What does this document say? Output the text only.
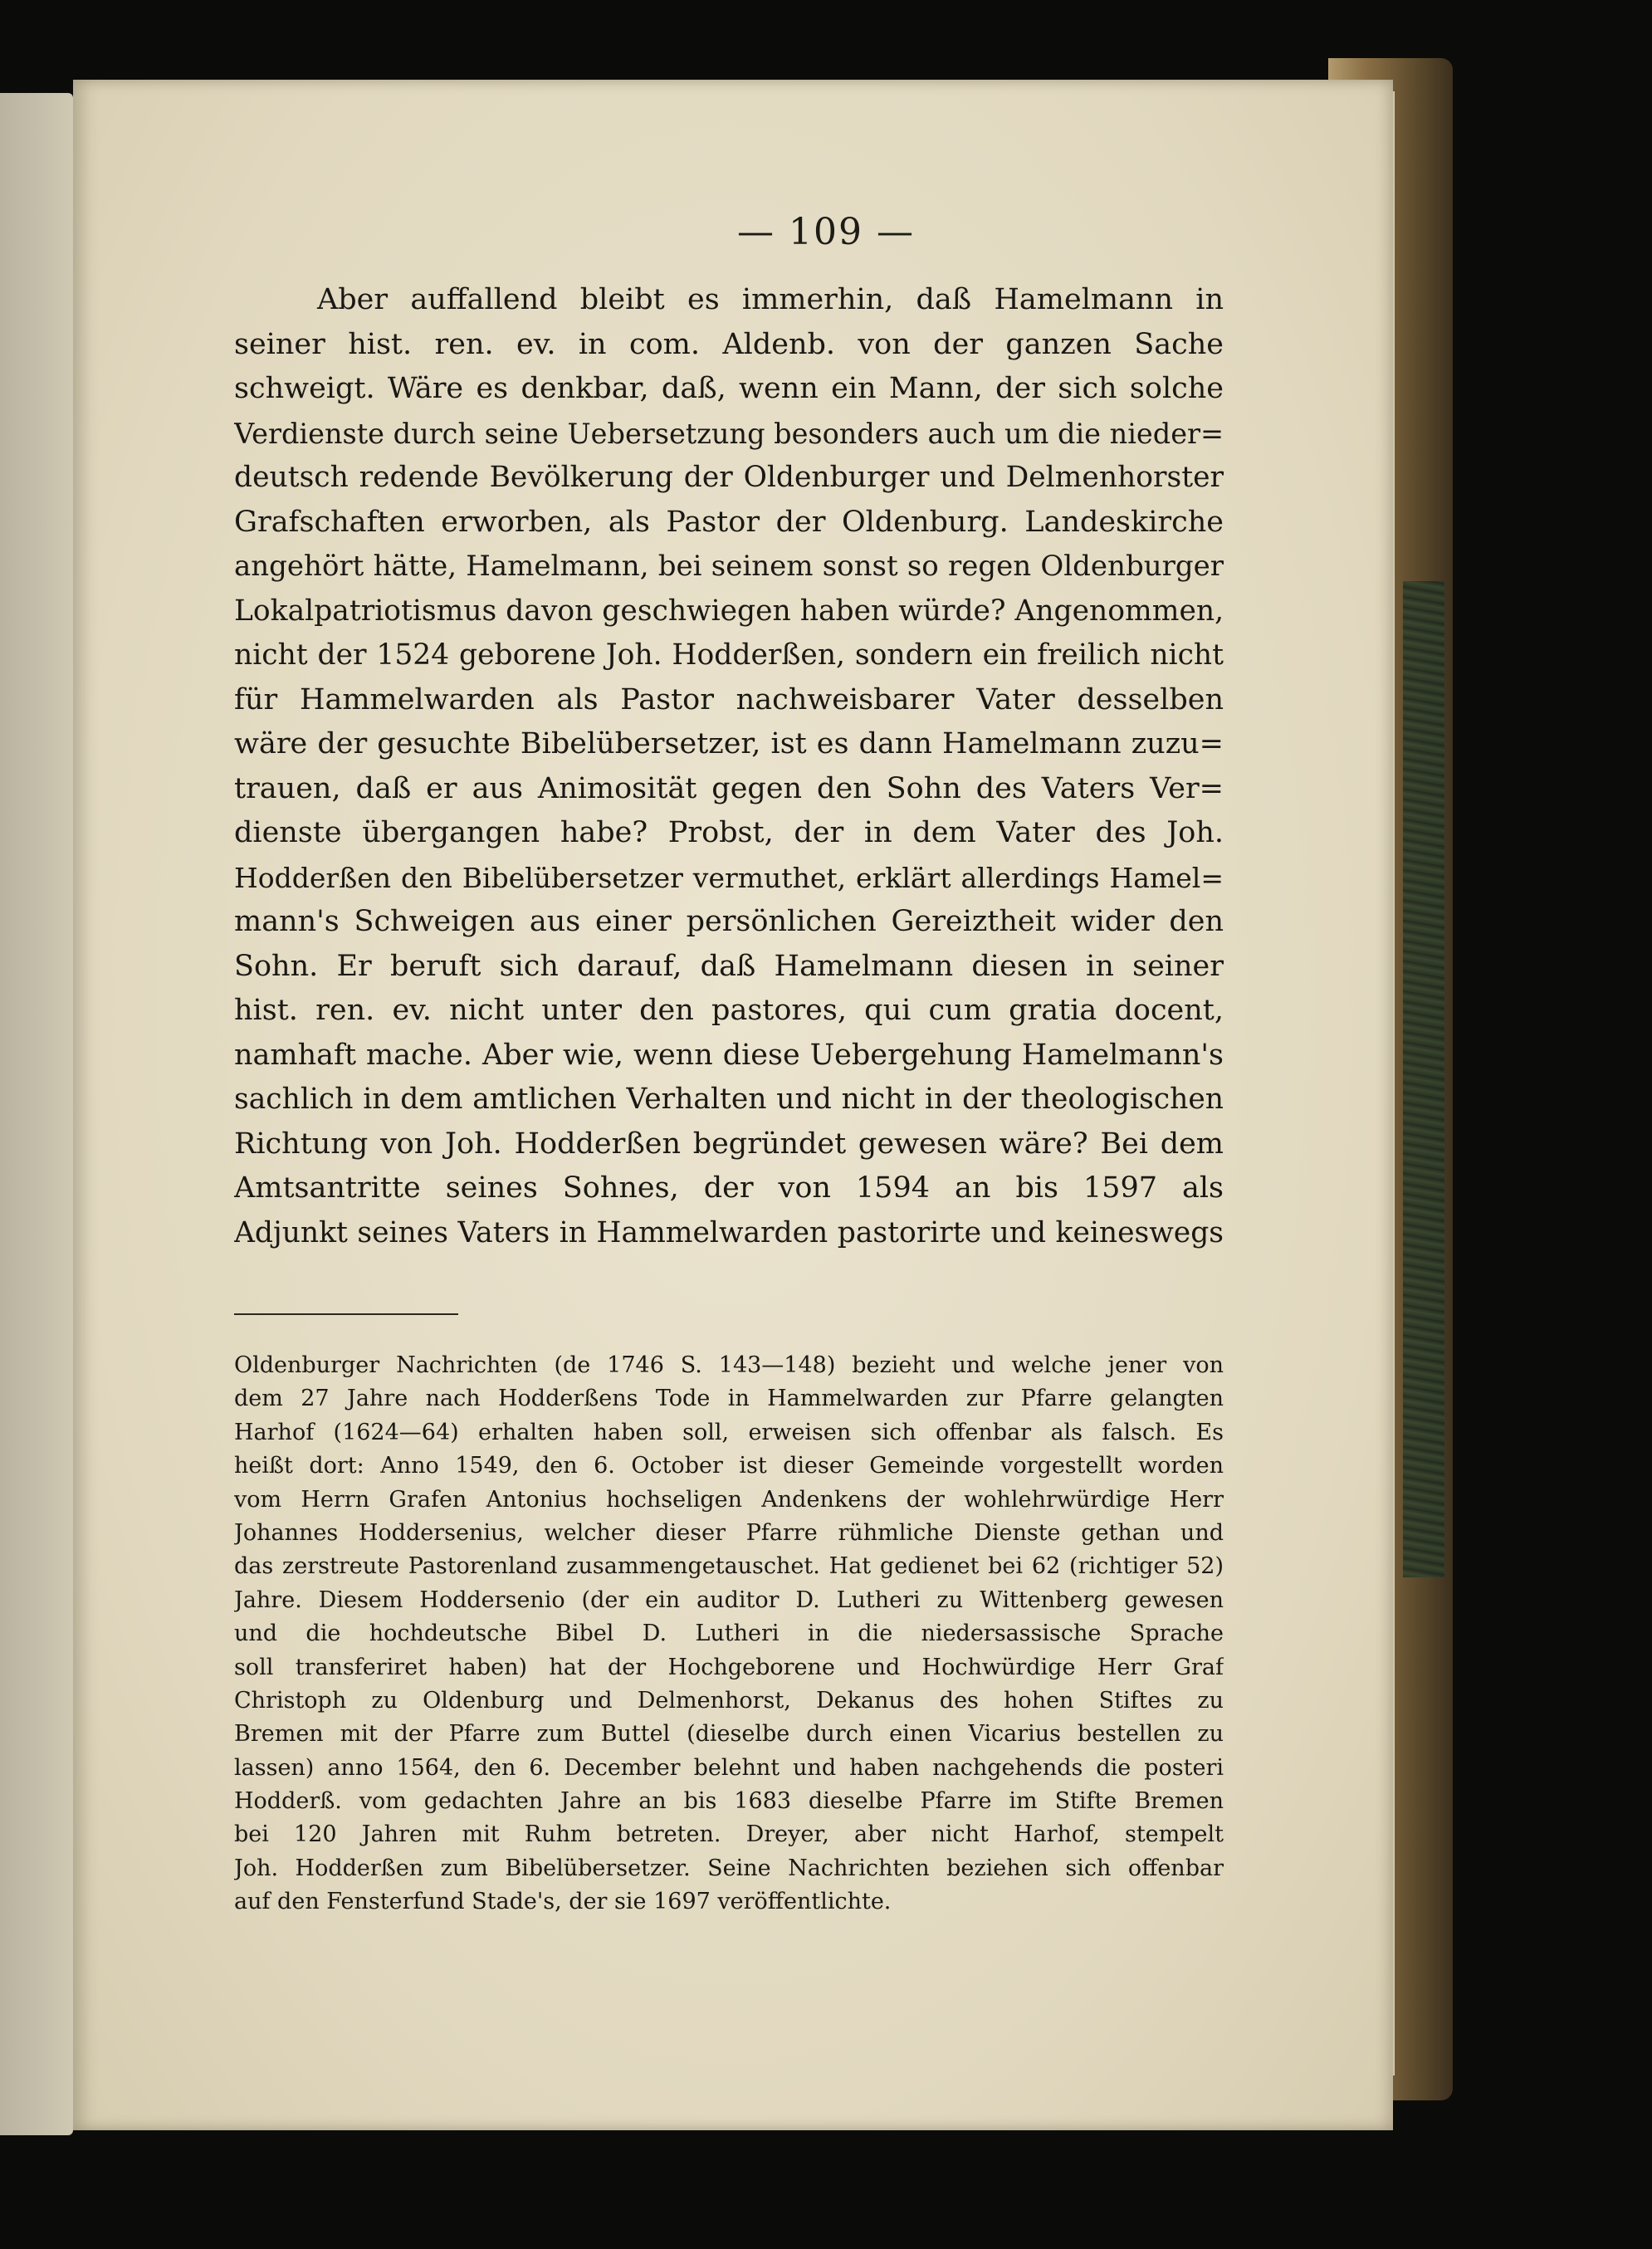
— 109 —
Aber auffallend bleibt es immerhin, daß Hamelmann in
seiner hist. ren. ev. in com. Aldenb. von der ganzen Sache
schweigt. Wäre es denkbar, daß, wenn ein Mann, der sich solche
Verdienste durch seine Uebersetzung besonders auch um die nieder=
deutsch redende Bevölkerung der Oldenburger und Delmenhorster
Grafschaften erworben, als Pastor der Oldenburg. Landeskirche
angehört hätte, Hamelmann, bei seinem sonst so regen Oldenburger
Lokalpatriotismus davon geschwiegen haben würde? Angenommen,
nicht der 1524 geborene Joh. Hodderßen, sondern ein freilich nicht
für Hammelwarden als Pastor nachweisbarer Vater desselben
wäre der gesuchte Bibelübersetzer, ist es dann Hamelmann zuzu=
trauen, daß er aus Animosität gegen den Sohn des Vaters Ver=
dienste übergangen habe? Probst, der in dem Vater des Joh.
Hodderßen den Bibelübersetzer vermuthet, erklärt allerdings Hamel=
mann's Schweigen aus einer persönlichen Gereiztheit wider den
Sohn. Er beruft sich darauf, daß Hamelmann diesen in seiner
hist. ren. ev. nicht unter den pastores, qui cum gratia docent,
namhaft mache. Aber wie, wenn diese Uebergehung Hamelmann's
sachlich in dem amtlichen Verhalten und nicht in der theologischen
Richtung von Joh. Hodderßen begründet gewesen wäre? Bei dem
Amtsantritte seines Sohnes, der von 1594 an bis 1597 als
Adjunkt seines Vaters in Hammelwarden pastorirte und keineswegs
Oldenburger Nachrichten (de 1746 S. 143—148) bezieht und welche jener von
dem 27 Jahre nach Hodderßens Tode in Hammelwarden zur Pfarre gelangten
Harhof (1624—64) erhalten haben soll, erweisen sich offenbar als falsch. Es
heißt dort: Anno 1549, den 6. October ist dieser Gemeinde vorgestellt worden
vom Herrn Grafen Antonius hochseligen Andenkens der wohlehrwürdige Herr
Johannes Hoddersenius, welcher dieser Pfarre rühmliche Dienste gethan und
das zerstreute Pastorenland zusammengetauschet. Hat gedienet bei 62 (richtiger 52)
Jahre. Diesem Hoddersenio (der ein auditor D. Lutheri zu Wittenberg gewesen
und die hochdeutsche Bibel D. Lutheri in die niedersassische Sprache
soll transferiret haben) hat der Hochgeborene und Hochwürdige Herr Graf
Christoph zu Oldenburg und Delmenhorst, Dekanus des hohen Stiftes zu
Bremen mit der Pfarre zum Buttel (dieselbe durch einen Vicarius bestellen zu
lassen) anno 1564, den 6. December belehnt und haben nachgehends die posteri
Hodderß. vom gedachten Jahre an bis 1683 dieselbe Pfarre im Stifte Bremen
bei 120 Jahren mit Ruhm betreten. Dreyer, aber nicht Harhof, stempelt
Joh. Hodderßen zum Bibelübersetzer. Seine Nachrichten beziehen sich offenbar
auf den Fensterfund Stade's, der sie 1697 veröffentlichte.
